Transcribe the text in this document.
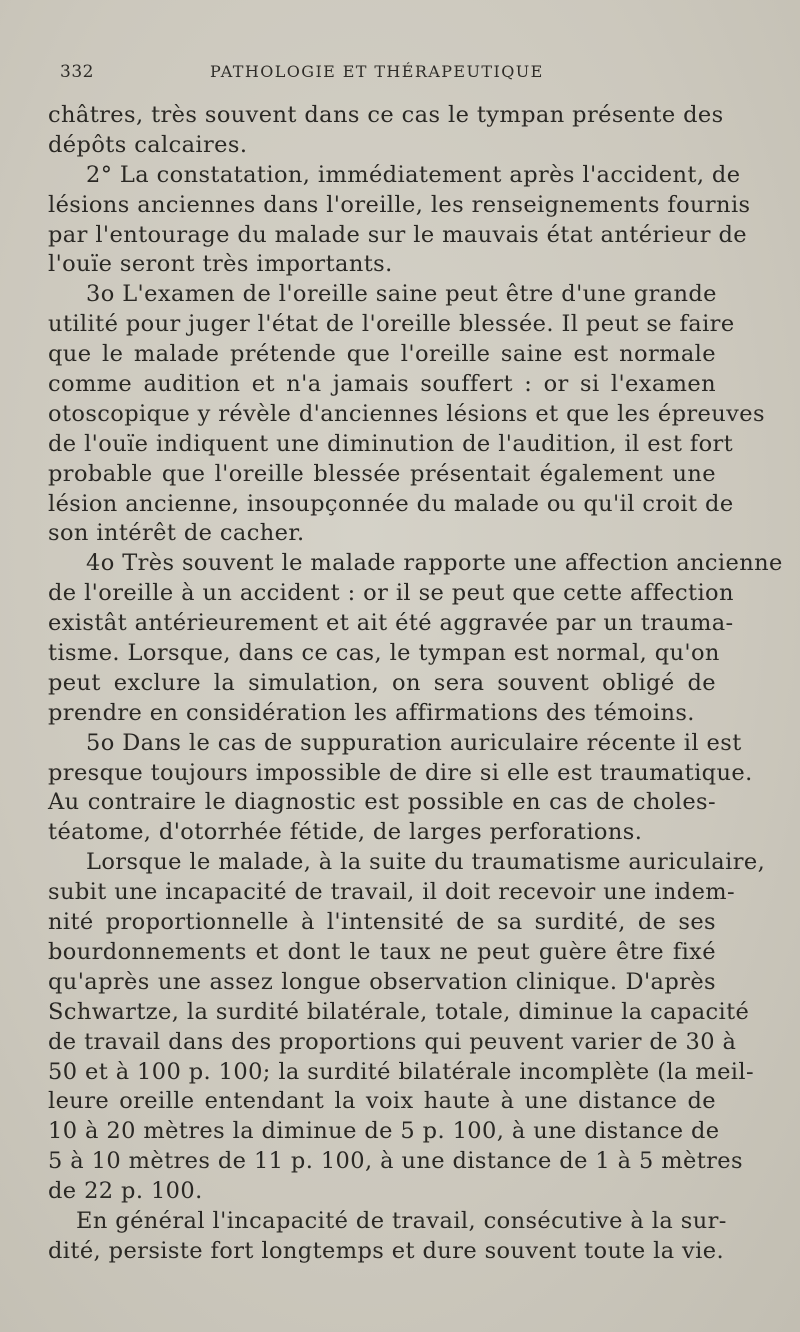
332	PATHOLOGIE ET THÉRAPEUTIQUE
châtres, très souvent dans ce cas le tympan présente des
dépôts calcaires.
2° La constatation, immédiatement après l'accident, de
lésions anciennes dans l'oreille, les renseignements fournis
par l'entourage du malade sur le mauvais état antérieur de
l'ouïe seront très importants.
3o L'examen de l'oreille saine peut être d'une grande
utilité pour juger l'état de l'oreille blessée. Il peut se faire
que le malade prétende que l'oreille saine est normale
comme audition et n'a jamais souffert : or si l'examen
otoscopique y révèle d'anciennes lésions et que les épreuves
de l'ouïe indiquent une diminution de l'audition, il est fort
probable que l'oreille blessée présentait également une
lésion ancienne, insoupçonnée du malade ou qu'il croit de
son intérêt de cacher.
4o Très souvent le malade rapporte une affection ancienne
de l'oreille à un accident : or il se peut que cette affection
existât antérieurement et ait été aggravée par un trauma-
tisme. Lorsque, dans ce cas, le tympan est normal, qu'on
peut exclure la simulation, on sera souvent obligé de
prendre en considération les affirmations des témoins.
5o Dans le cas de suppuration auriculaire récente il est
presque toujours impossible de dire si elle est traumatique.
Au contraire le diagnostic est possible en cas de choles-
téatome, d'otorrhée fétide, de larges perforations.
Lorsque le malade, à la suite du traumatisme auriculaire,
subit une incapacité de travail, il doit recevoir une indem-
nité proportionnelle à l'intensité de sa surdité, de ses
bourdonnements et dont le taux ne peut guère être fixé
qu'après une assez longue observation clinique. D'après
Schwartze, la surdité bilatérale, totale, diminue la capacité
de travail dans des proportions qui peuvent varier de 30 à
50 et à 100 p. 100; la surdité bilatérale incomplète (la meil-
leure oreille entendant la voix haute à une distance de
10 à 20 mètres la diminue de 5 p. 100, à une distance de
5 à 10 mètres de 11 p. 100, à une distance de 1 à 5 mètres
de 22 p. 100.
En général l'incapacité de travail, consécutive à la sur-
dité, persiste fort longtemps et dure souvent toute la vie.
